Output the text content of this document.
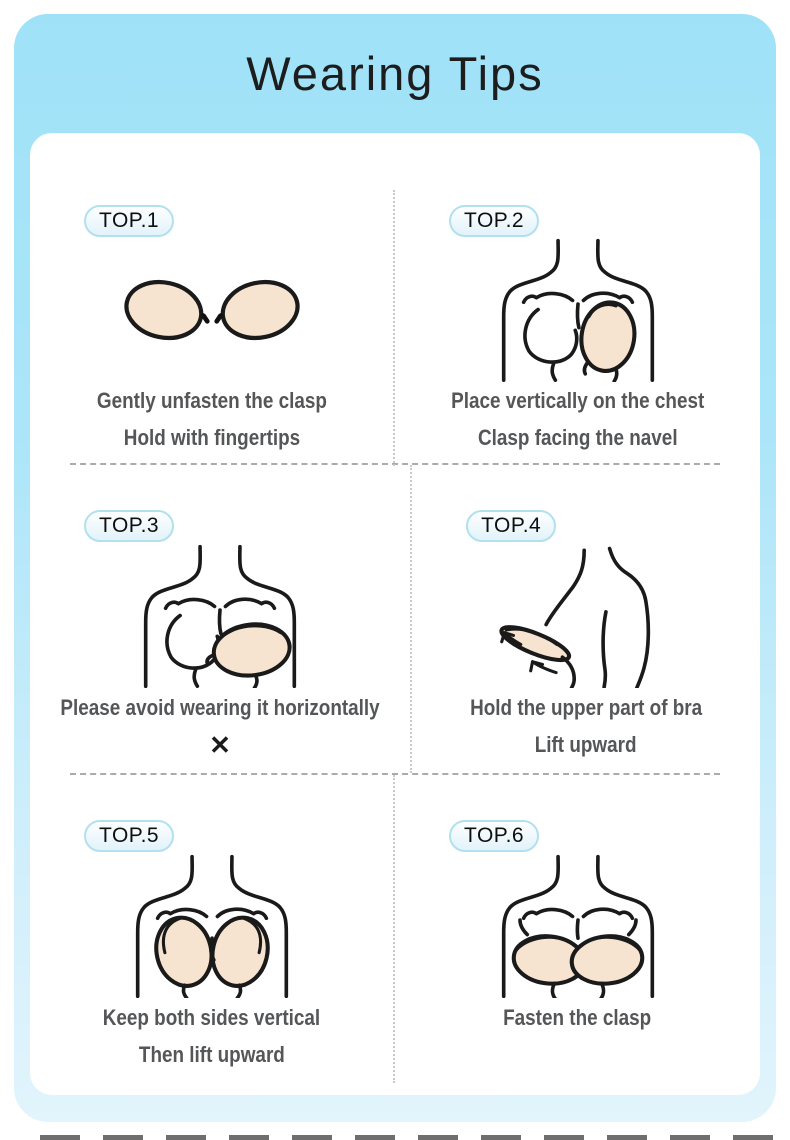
Wearing Tips
TOP.1
Gently unfasten the clasp
Hold with fingertips
TOP.2
Place vertically on the chest
Clasp facing the navel
TOP.3
Please avoid wearing it horizontally
✕
TOP.4
Hold the upper part of bra
Lift upward
TOP.5
Keep both sides vertical
Then lift upward
TOP.6
Fasten the clasp
